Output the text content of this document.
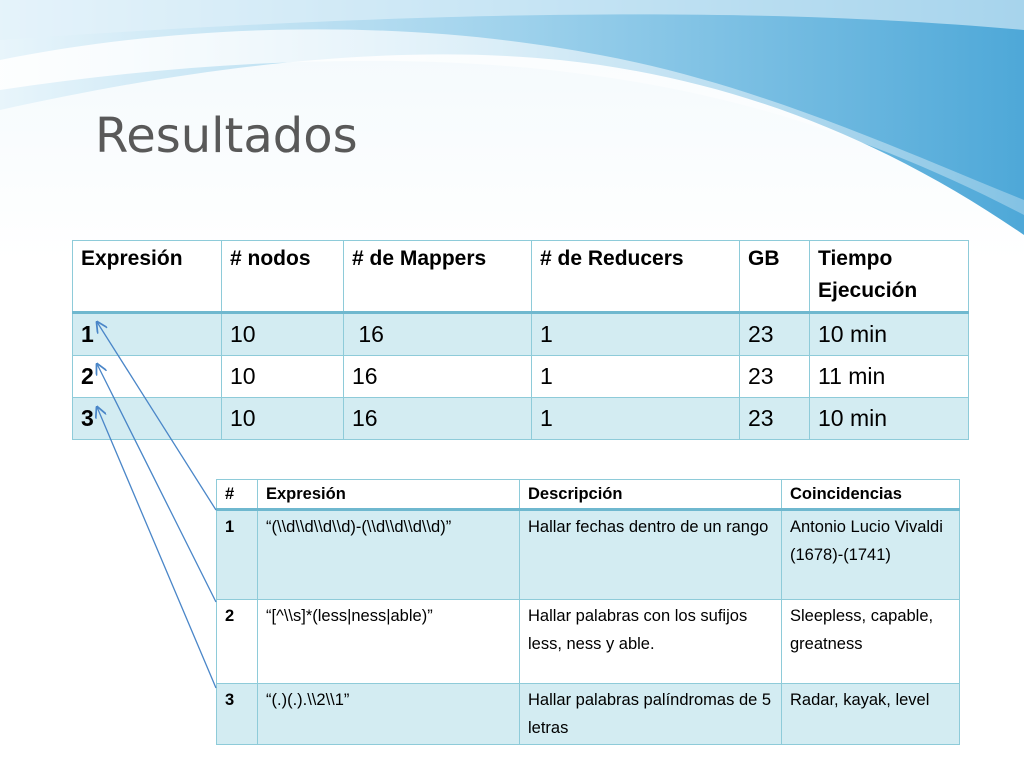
Resultados
Expresión	# nodos	# de Mappers	# de Reducers	GB	Tiempo Ejecución
1	10	16	1	23	10 min
2	10	16	1	23	11 min
3	10	16	1	23	10 min
#	Expresión	Descripción	Coincidencias
1	“(\\d\\d\\d\\d)-(\\d\\d\\d\\d)”	Hallar fechas dentro de un rango	Antonio Lucio Vivaldi (1678)-(1741)
2	“[^\\s]*(less|ness|able)”	Hallar palabras con los sufijos less, ness y able.	Sleepless, capable, greatness
3	“(.)(.).\\2\\1”	Hallar palabras palíndromas de 5 letras	Radar, kayak, level
